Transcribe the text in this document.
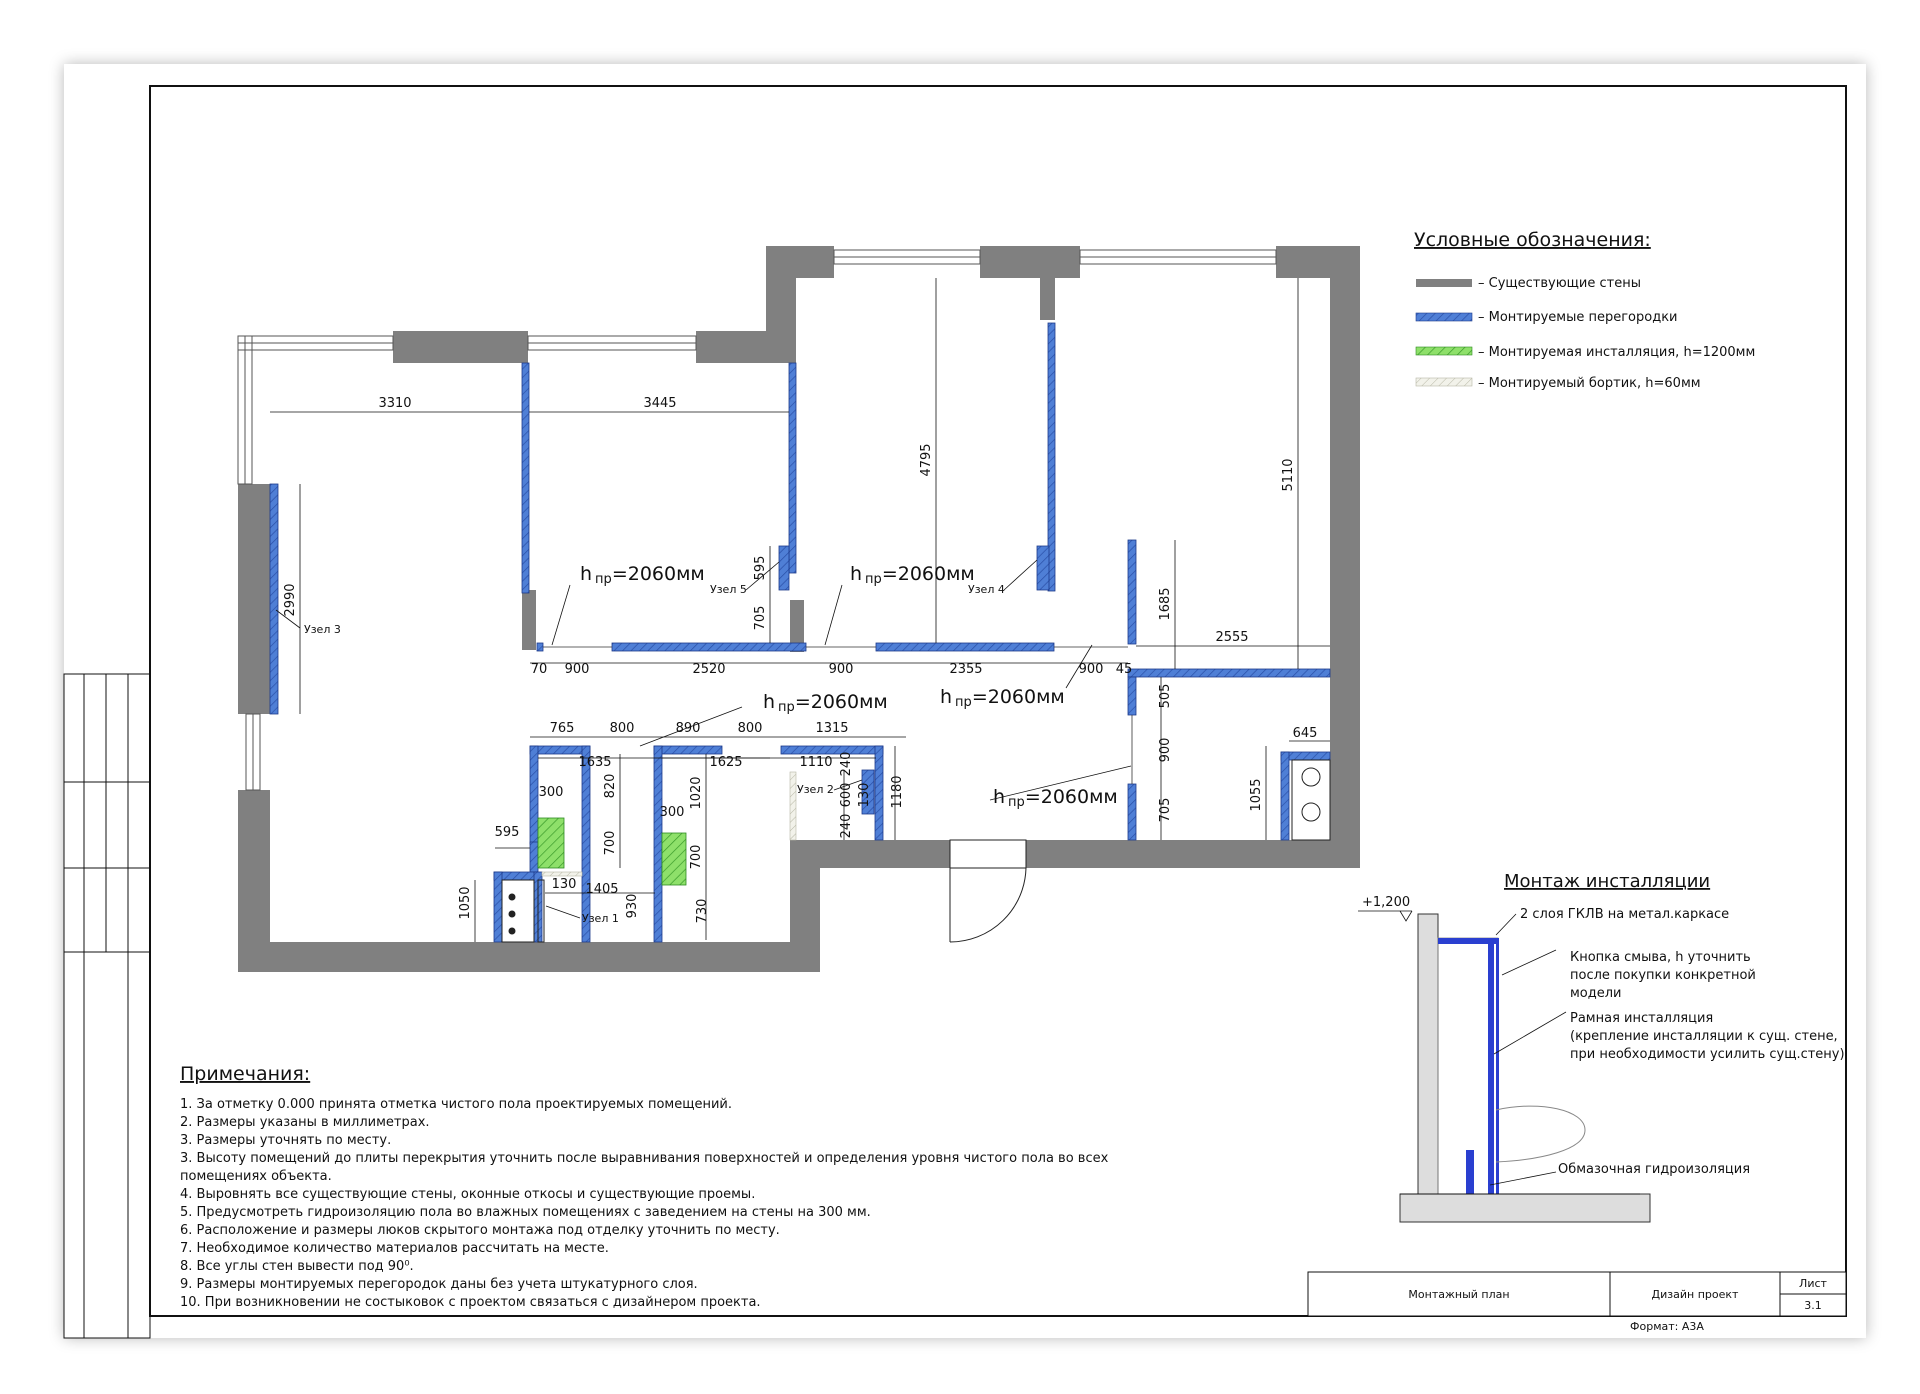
3310	3445
4795	5110
2990
595
705	1685
2555
70 900	2520	900	2355	900 45
765	800	890	800	1315
1635	1625	1110
300	820
700
1020
300
700
595
1050
130 1405
930	730
600
240
240
130 1180
505
900
705
645
1055
h пр=2060мм	h пр=2060мм
h пр=2060мм	h пр=2060мм
h пр=2060мм
Узел 5	Узел 4
Узел 3
Узел 1
Узел 2
Условные обозначения:
– Существующие стены
– Монтируемые перегородки
– Монтируемая инсталляция, h=1200мм
– Монтируемый бортик, h=60мм
Монтаж инсталляции
+1,200
2 слоя ГКЛВ на метал.каркасе
Кнопка смыва, h уточнить
после покупки конкретной
модели
Рамная инсталляция
(крепление инсталляции к сущ. стене,
при необходимости усилить сущ.стену)
Обмазочная гидроизоляция
Примечания:
1. За отметку 0.000 принята отметка чистого пола проектируемых помещений.
2. Размеры указаны в миллиметрах.
3. Размеры уточнять по месту.
3. Высоту помещений до плиты перекрытия уточнить после выравнивания поверхностей и определения уровня чистого пола во всех
помещениях объекта.
4. Выровнять все существующие стены, оконные откосы и существующие проемы.
5. Предусмотреть гидроизоляцию пола во влажных помещениях с заведением на стены на 300 мм.
6. Расположение и размеры люков скрытого монтажа под отделку уточнить по месту.
7. Необходимое количество материалов рассчитать на месте.
8. Все углы стен вывести под 90⁰.
9. Размеры монтируемых перегородок даны без учета штукатурного слоя.
10. При возникновении не состыковок с проектом связаться с дизайнером проекта.
Монтажный план	Дизайн проект
Лист
3.1
Формат: А3А
